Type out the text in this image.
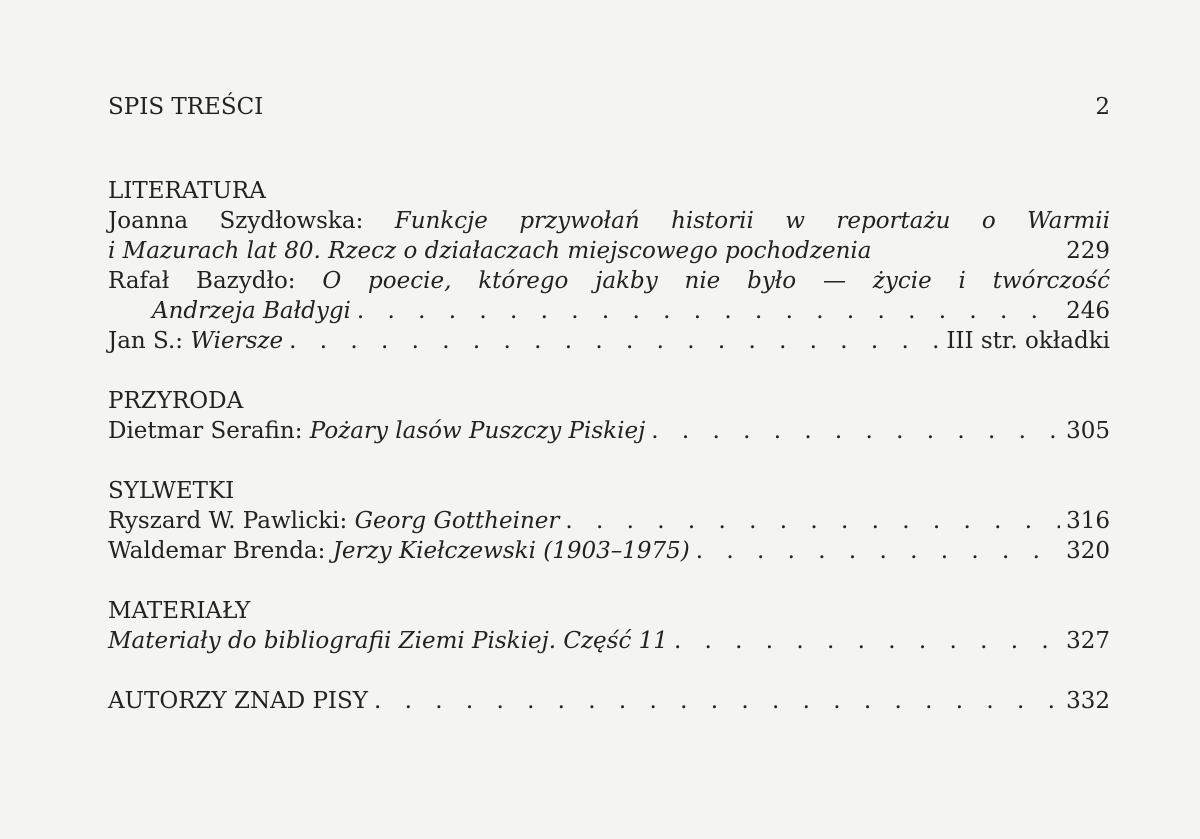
SPIS TREŚCI	2
LITERATURA
Joanna Szydłowska: Funkcje przywołań historii w reportażu o Warmii
i Mazurach lat 80. Rzecz o działaczach miejscowego pochodzenia	229
Rafał Bazydło: O poecie, którego jakby nie było — życie i twórczość
Andrzeja Bałdygi . . .	246
Jan S.:
Wiersze . . .	III str. okładki
PRZYRODA
Dietmar Serafin:
Pożary lasów Puszczy Piskiej . . .	305
SYLWETKI
Ryszard W. Pawlicki:
Georg Gottheiner . . .	316
Waldemar Brenda:
Jerzy Kiełczewski (1903–1975) . . .	320
MATERIAŁY
Materiały do bibliografii Ziemi Piskiej. Część 11 . . .	327
AUTORZY ZNAD PISY . . .	332
